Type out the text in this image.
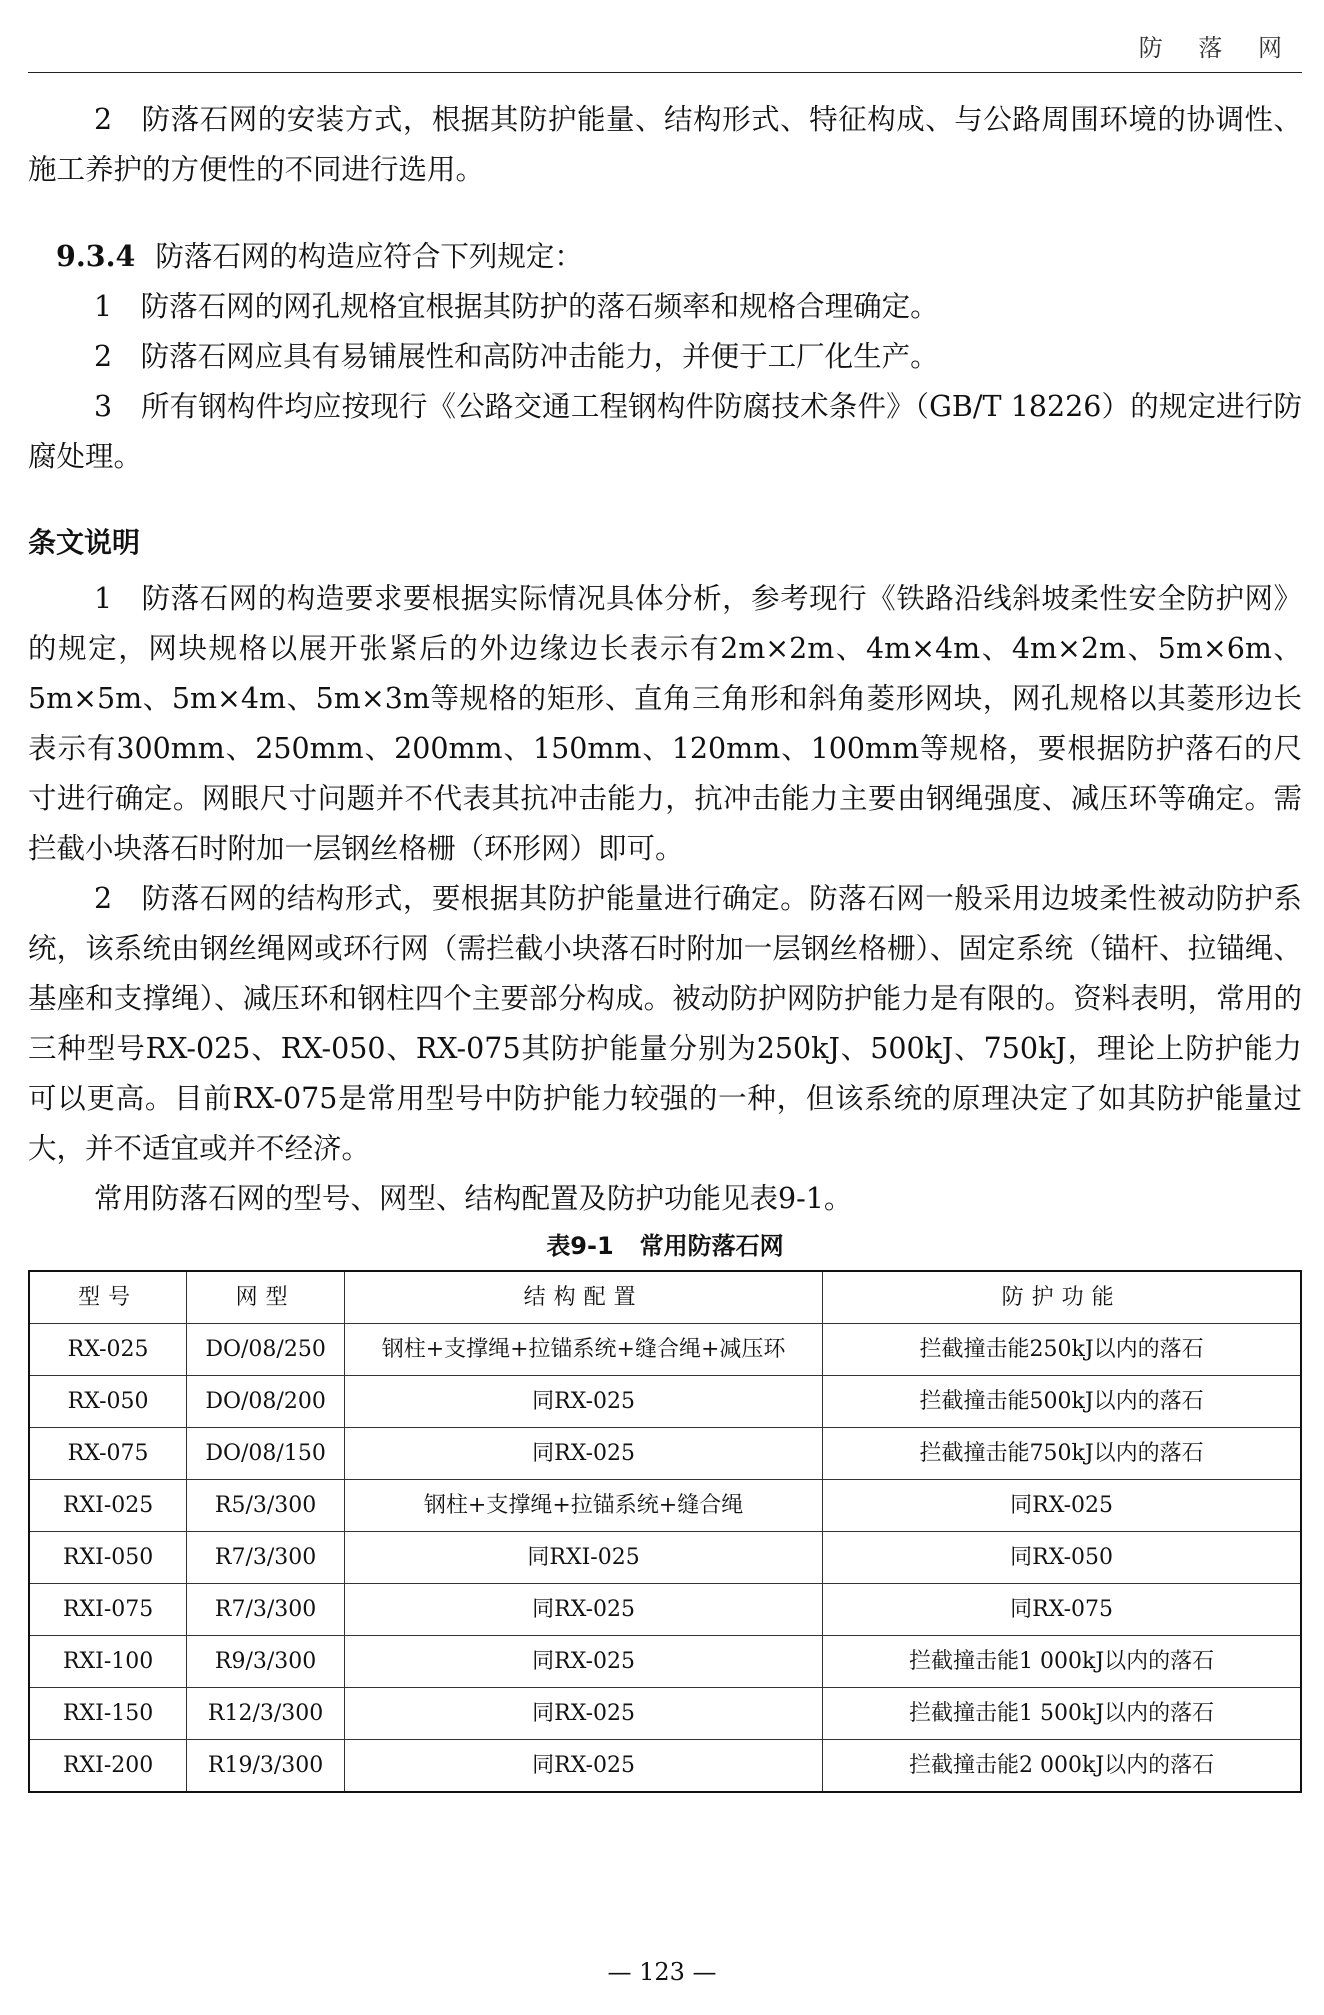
防 落 网

2　防落石网的安装方式，根据其防护能量、结构形式、特征构成、与公路周围环境的协调性、施工养护的方便性的不同进行选用。

9.3.4 防落石网的构造应符合下列规定：

1　防落石网的网孔规格宜根据其防护的落石频率和规格合理确定。

2　防落石网应具有易铺展性和高防冲击能力，并便于工厂化生产。

3　所有钢构件均应按现行《公路交通工程钢构件防腐技术条件》（GB/T 18226）的规定进行防腐处理。

条文说明

1　防落石网的构造要求要根据实际情况具体分析，参考现行《铁路沿线斜坡柔性安全防护网》的规定，网块规格以展开张紧后的外边缘边长表示有2m×2m、4m×4m、4m×2m、5m×6m、5m×5m、5m×4m、5m×3m等规格的矩形、直角三角形和斜角菱形网块，网孔规格以其菱形边长表示有300mm、250mm、200mm、150mm、120mm、100mm等规格，要根据防护落石的尺寸进行确定。网眼尺寸问题并不代表其抗冲击能力，抗冲击能力主要由钢绳强度、减压环等确定。需拦截小块落石时附加一层钢丝格栅（环形网）即可。

2　防落石网的结构形式，要根据其防护能量进行确定。防落石网一般采用边坡柔性被动防护系统，该系统由钢丝绳网或环行网（需拦截小块落石时附加一层钢丝格栅）、固定系统（锚杆、拉锚绳、基座和支撑绳）、减压环和钢柱四个主要部分构成。被动防护网防护能力是有限的。资料表明，常用的三种型号RX-025、RX-050、RX-075其防护能量分别为250kJ、500kJ、750kJ，理论上防护能力可以更高。目前RX-075是常用型号中防护能力较强的一种，但该系统的原理决定了如其防护能量过大，并不适宜或并不经济。

常用防落石网的型号、网型、结构配置及防护功能见表9-1。

表9-1 常用防落石网
型号	网型	结构配置	防护功能
RX-025	DO/08/250	钢柱+支撑绳+拉锚系统+缝合绳+减压环	拦截撞击能250kJ以内的落石
RX-050	DO/08/200	同RX-025	拦截撞击能500kJ以内的落石
RX-075	DO/08/150	同RX-025	拦截撞击能750kJ以内的落石
RXI-025	R5/3/300	钢柱+支撑绳+拉锚系统+缝合绳	同RX-025
RXI-050	R7/3/300	同RXI-025	同RX-050
RXI-075	R7/3/300	同RX-025	同RX-075
RXI-100	R9/3/300	同RX-025	拦截撞击能1 000kJ以内的落石
RXI-150	R12/3/300	同RX-025	拦截撞击能1 500kJ以内的落石
RXI-200	R19/3/300	同RX-025	拦截撞击能2 000kJ以内的落石
— 123 —
